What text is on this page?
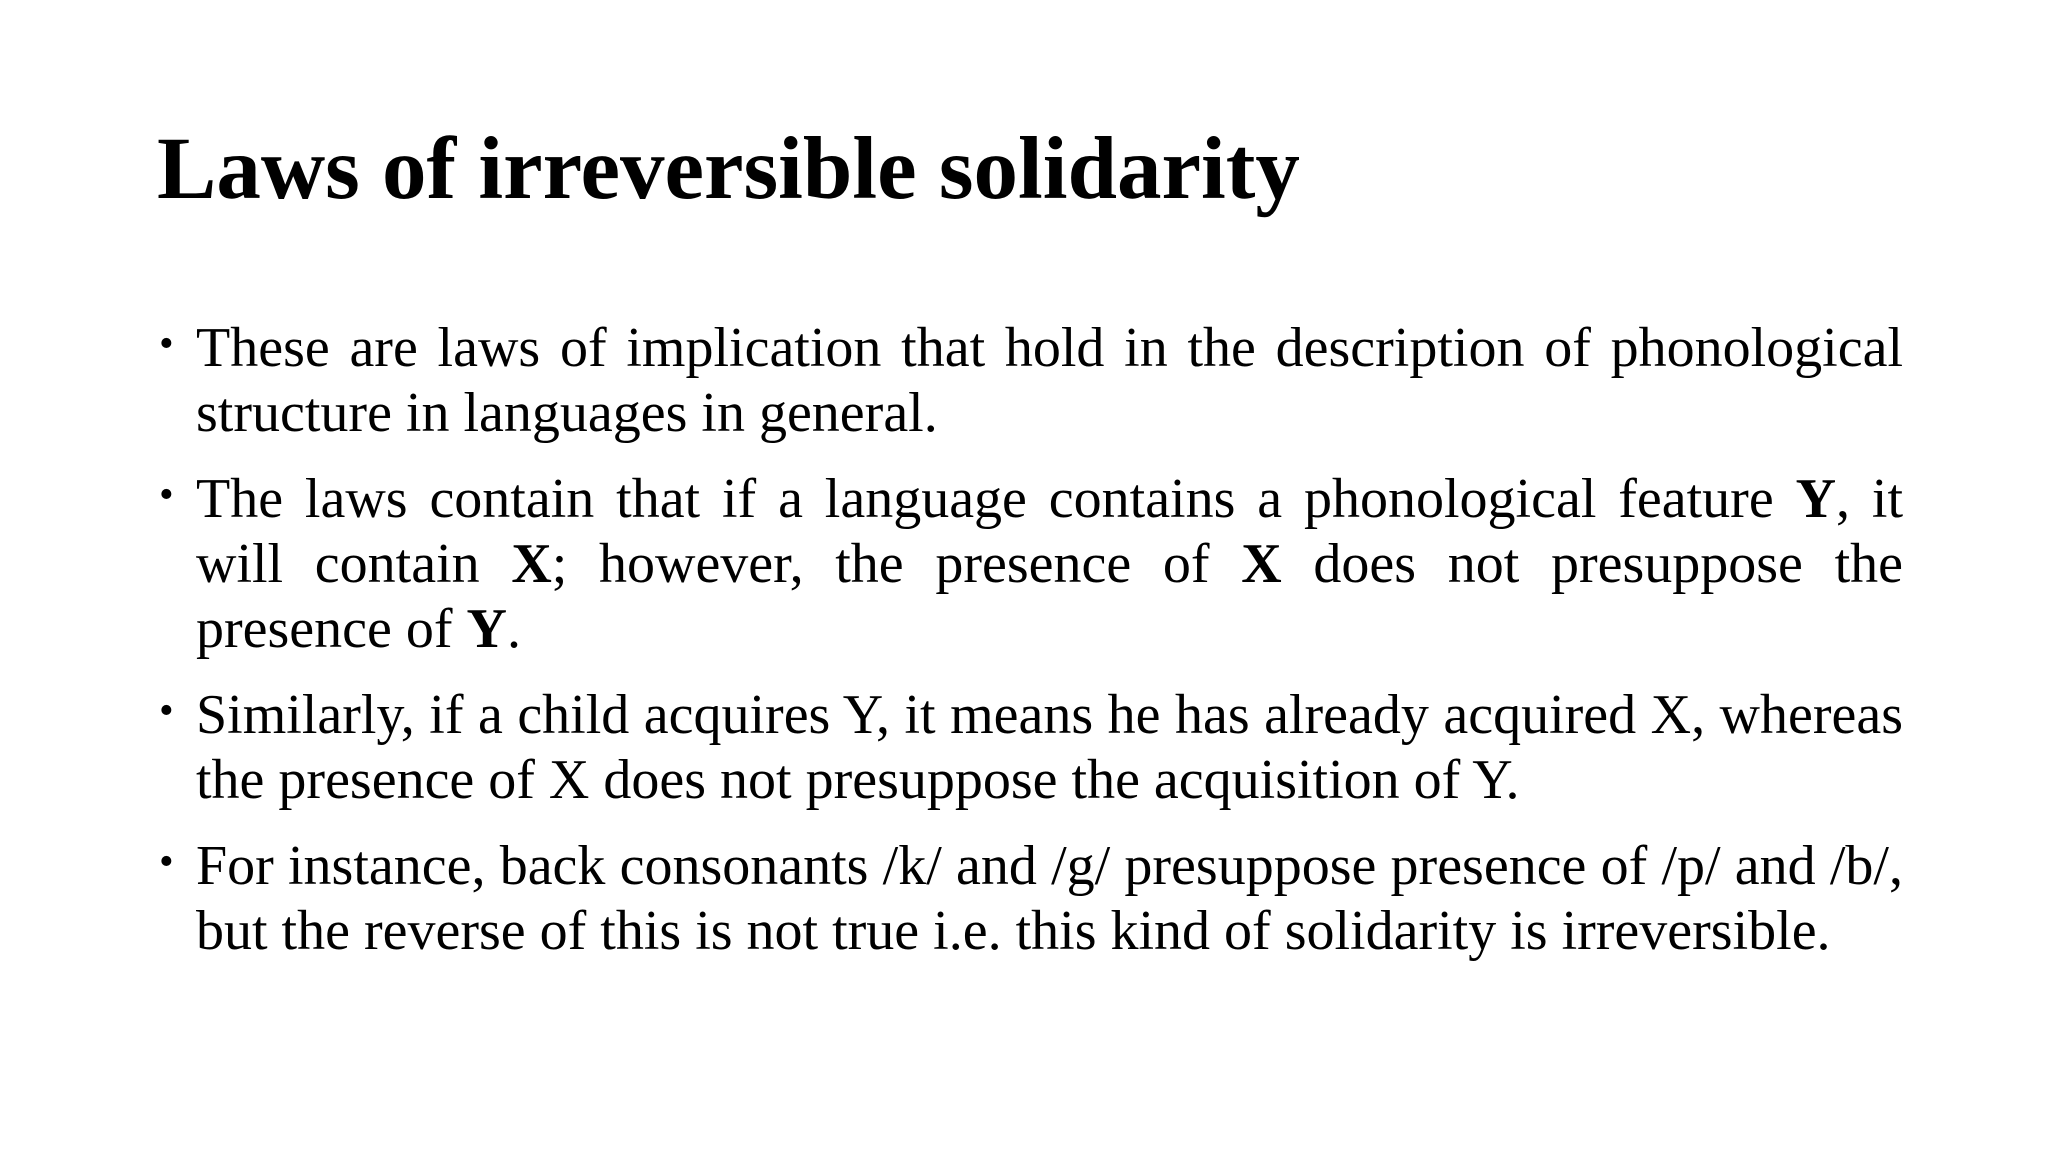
Laws of irreversible solidarity
• These are laws of implication that hold in the description of phonological structure in languages in general.
• The laws contain that if a language contains a phonological feature Y, it will contain X; however, the presence of X does not presuppose the presence of Y.
• Similarly, if a child acquires Y, it means he has already acquired X, whereas the presence of X does not presuppose the acquisition of Y.
• For instance, back consonants /k/ and /g/ presuppose presence of /p/ and /b/, but the reverse of this is not true i.e. this kind of solidarity is irreversible.
